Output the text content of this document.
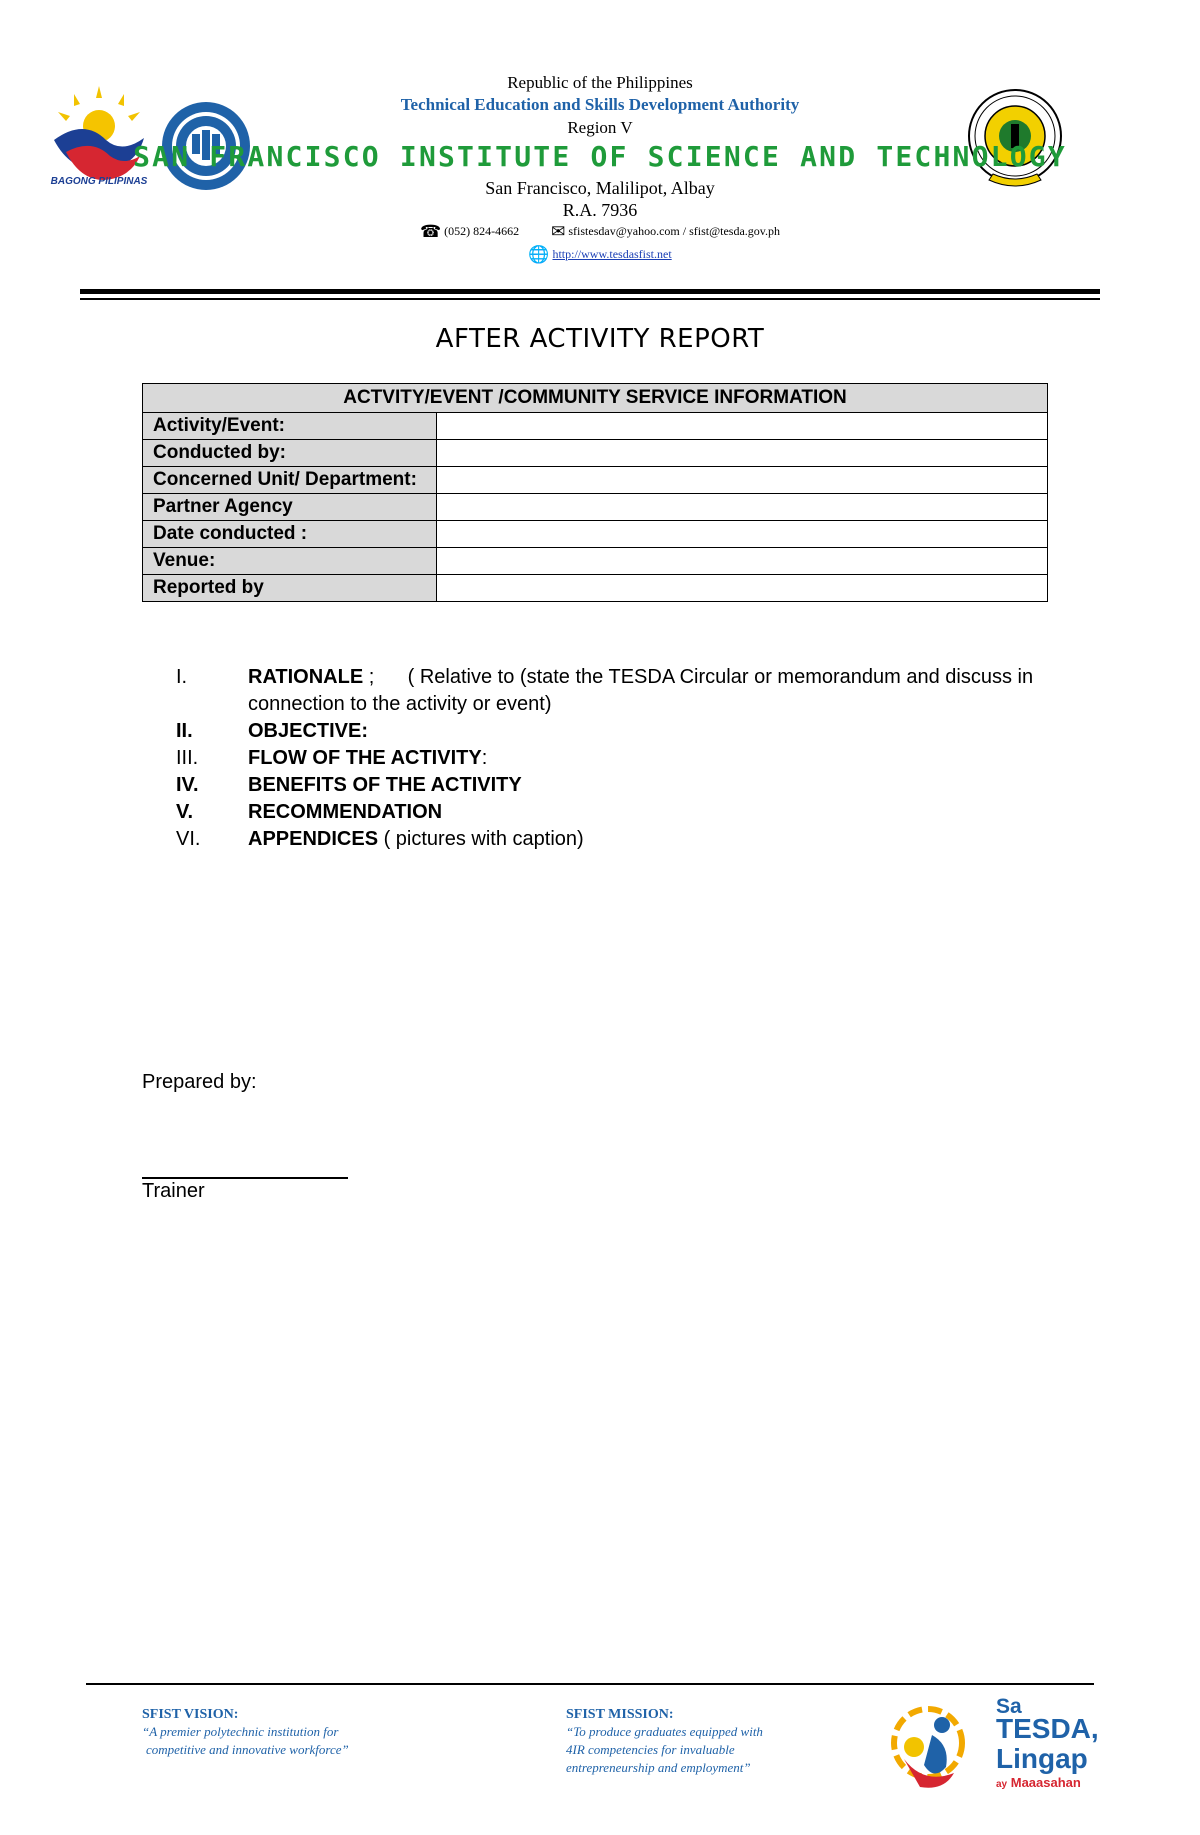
BAGONG PILIPINAS
Republic of the Philippines
Technical Education and Skills Development Authority
Region V
SAN FRANCISCO INSTITUTE OF SCIENCE AND TECHNOLOGY
San Francisco, Malilipot, Albay
R.A. 7936
☎ (052) 824-4662 ✉ sfistesdav@yahoo.com / sfist@tesda.gov.ph
🌐 http://www.tesdasfist.net
AFTER ACTIVITY REPORT
ACTVITY/EVENT /COMMUNITY SERVICE INFORMATION	
Activity/Event:	
Conducted by:	
Concerned Unit/ Department:	
Partner Agency	
Date conducted :	
Venue:	
Reported by	
I.	RATIONALE ;      ( Relative to (state the TESDA Circular or memorandum and discuss in
connection to the activity or event)
II.	OBJECTIVE:
III. FLOW OF THE ACTIVITY:
IV. BENEFITS OF THE ACTIVITY
V.	RECOMMENDATION
VI. APPENDICES ( pictures with caption)
Prepared by:
Trainer
SFIST VISION:
“A premier polytechnic institution for
competitive and innovative workforce”
SFIST MISSION:
“To produce graduates equipped with
4IR competencies for invaluable
entrepreneurship and employment”
Sa
TESDA,
Lingap
ay Maaasahan
